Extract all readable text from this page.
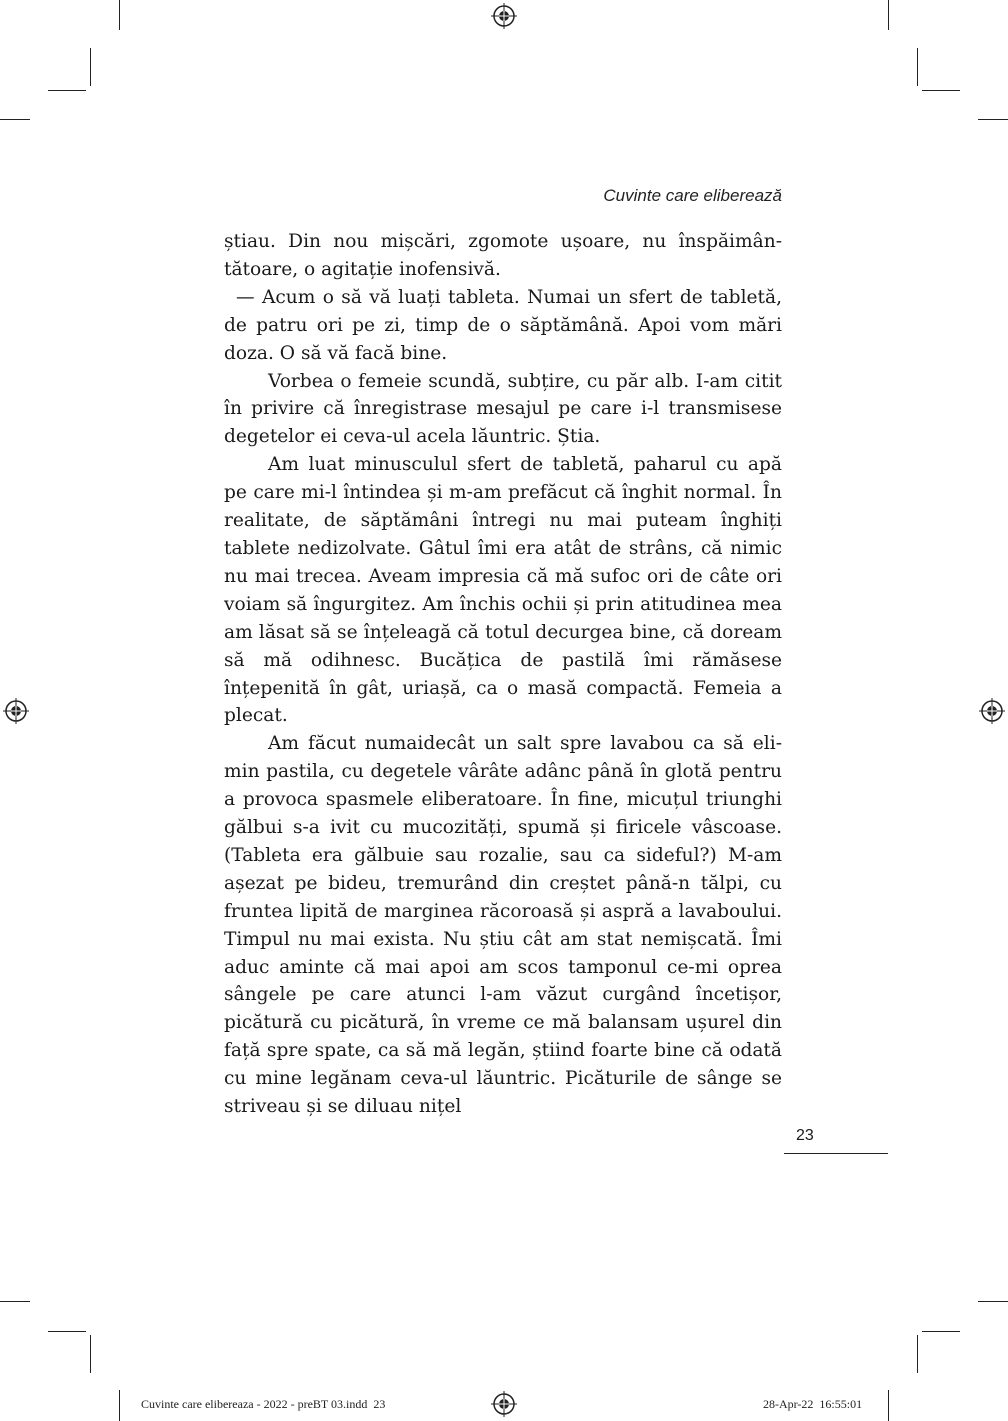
Cuvinte care eliberează

știau. Din nou mișcări, zgomote ușoare, nu înspăimântătoare, o agitație inofensivă.

— Acum o să vă luați tableta. Numai un sfert de tabletă, de patru ori pe zi, timp de o săptămână. Apoi vom mări doza. O să vă facă bine.

Vorbea o femeie scundă, subțire, cu păr alb. I-am citit în privire că înregistrase mesajul pe care i-l transmisese degetelor ei ceva-ul acela lăuntric. Știa.

Am luat minusculul sfert de tabletă, paharul cu apă pe care mi-l întindea și m-am prefăcut că înghit normal. În realitate, de săptămâni întregi nu mai puteam înghiți tablete nedizolvate. Gâtul îmi era atât de strâns, că nimic nu mai trecea. Aveam impresia că mă sufoc ori de câte ori voiam să îngurgitez. Am închis ochii și prin atitudinea mea am lăsat să se înțeleagă că totul decurgea bine, că doream să mă odihnesc. Bucățica de pastilă îmi rămăsese înțepenită în gât, uriașă, ca o masă compactă. Femeia a plecat.

Am făcut numaidecât un salt spre lavabou ca să elimin pastila, cu degetele vârâte adânc până în glotă pentru a provoca spasmele eliberatoare. În fine, micuțul triunghi gălbui s-a ivit cu mucozități, spumă și firicele vâscoase. (Tableta era gălbuie sau rozalie, sau ca sideful?) M-am așezat pe bideu, tremurând din creștet până-n tălpi, cu fruntea lipită de marginea răcoroasă și aspră a lavaboului. Timpul nu mai exista. Nu știu cât am stat nemișcată. Îmi aduc aminte că mai apoi am scos tamponul ce-mi oprea sângele pe care atunci l-am văzut curgând încetișor, picătură cu picătură, în vreme ce mă balansam ușurel din față spre spate, ca să mă legăn, știind foarte bine că odată cu mine legănam ceva-ul lăuntric. Picăturile de sânge se striveau și se diluau nițel

23
Cuvinte care elibereaza - 2022 - preBT 03.indd 23	28-Apr-22 16:55:01
